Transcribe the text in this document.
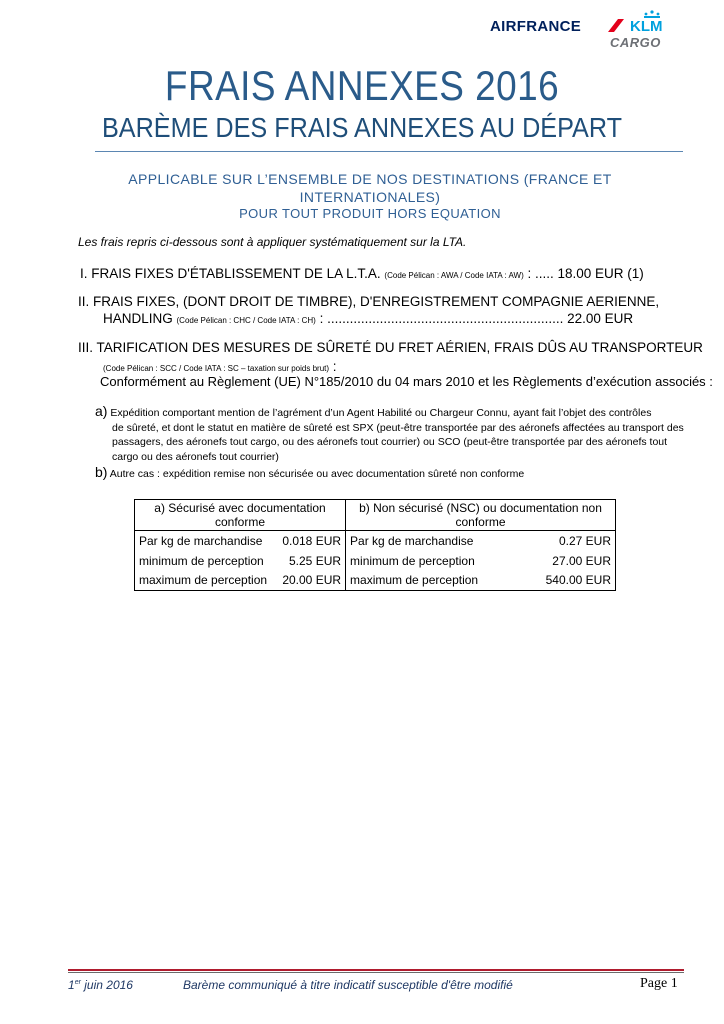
AIRFRANCE	KLM
CARGO
FRAIS ANNEXES 2016
BARÈME DES FRAIS ANNEXES AU DÉPART
APPLICABLE SUR L’ENSEMBLE DE NOS DESTINATIONS (FRANCE ET
INTERNATIONALES)
POUR TOUT PRODUIT HORS EQUATION
Les frais repris ci-dessous sont à appliquer systématiquement sur la LTA.
I. FRAIS FIXES D'ÉTABLISSEMENT DE LA L.T.A. (Code Pélican : AWA / Code IATA : AW) : ..... 18.00 EUR (1)
II. FRAIS FIXES, (DONT DROIT DE TIMBRE), D'ENREGISTREMENT COMPAGNIE AERIENNE,
HANDLING (Code Pélican : CHC / Code IATA : CH) : ............................................................... 22.00 EUR
III. TARIFICATION DES MESURES DE SÛRETÉ DU FRET AÉRIEN, FRAIS DÛS AU TRANSPORTEUR
(Code Pélican : SCC / Code IATA : SC – taxation sur poids brut) :
Conformément au Règlement (UE) N°185/2010 du 04 mars 2010 et les Règlements d’exécution associés :
a) Expédition comportant mention de l’agrément d’un Agent Habilité ou Chargeur Connu, ayant fait l’objet des contrôles
de sûreté, et dont le statut en matière de sûreté est SPX (peut-être transportée par des aéronefs affectées au transport des passagers, des aéronefs tout cargo, ou des aéronefs tout courrier) ou SCO (peut-être transportée par des aéronefs tout cargo ou des aéronefs tout courrier)
b) Autre cas : expédition remise non sécurisée ou avec documentation sûreté non conforme
a) Sécurisé avec documentation conforme		b) Non sécurisé (NSC) ou documentation non conforme	
Par kg de marchandise	0.018 EUR	Par kg de marchandise	0.27 EUR
minimum de perception	5.25 EUR	minimum de perception	27.00 EUR
maximum de perception	20.00 EUR	maximum de perception	540.00 EUR
1er juin 2016	Barème communiqué à titre indicatif susceptible d'être modifié	Page 1
